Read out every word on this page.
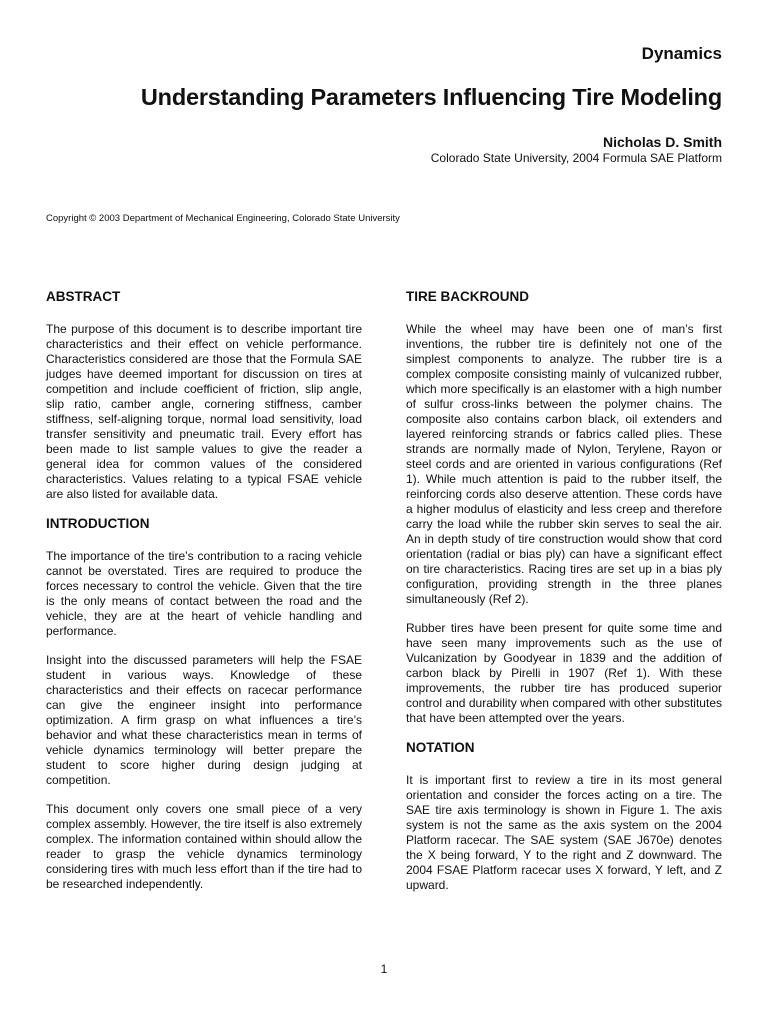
Dynamics
Understanding Parameters Influencing Tire Modeling
Nicholas D. Smith
Colorado State University, 2004 Formula SAE Platform
Copyright © 2003 Department of Mechanical Engineering, Colorado State University
ABSTRACT

The purpose of this document is to describe important tire characteristics and their effect on vehicle performance. Characteristics considered are those that the Formula SAE judges have deemed important for discussion on tires at competition and include coefficient of friction, slip angle, slip ratio, camber angle, cornering stiffness, camber stiffness, self-aligning torque, normal load sensitivity, load transfer sensitivity and pneumatic trail. Every effort has been made to list sample values to give the reader a general idea for common values of the considered characteristics. Values relating to a typical FSAE vehicle are also listed for available data.

INTRODUCTION

The importance of the tire’s contribution to a racing vehicle cannot be overstated. Tires are required to produce the forces necessary to control the vehicle. Given that the tire is the only means of contact between the road and the vehicle, they are at the heart of vehicle handling and performance.

Insight into the discussed parameters will help the FSAE student in various ways. Knowledge of these characteristics and their effects on racecar performance can give the engineer insight into performance optimization. A firm grasp on what influences a tire’s behavior and what these characteristics mean in terms of vehicle dynamics terminology will better prepare the student to score higher during design judging at competition.

This document only covers one small piece of a very complex assembly. However, the tire itself is also extremely complex. The information contained within should allow the reader to grasp the vehicle dynamics terminology considering tires with much less effort than if the tire had to be researched independently.

TIRE BACKROUND

While the wheel may have been one of man’s first inventions, the rubber tire is definitely not one of the simplest components to analyze. The rubber tire is a complex composite consisting mainly of vulcanized rubber, which more specifically is an elastomer with a high number of sulfur cross-links between the polymer chains. The composite also contains carbon black, oil extenders and layered reinforcing strands or fabrics called plies. These strands are normally made of Nylon, Terylene, Rayon or steel cords and are oriented in various configurations (Ref 1). While much attention is paid to the rubber itself, the reinforcing cords also deserve attention. These cords have a higher modulus of elasticity and less creep and therefore carry the load while the rubber skin serves to seal the air. An in depth study of tire construction would show that cord orientation (radial or bias ply) can have a significant effect on tire characteristics. Racing tires are set up in a bias ply configuration, providing strength in the three planes simultaneously (Ref 2).

Rubber tires have been present for quite some time and have seen many improvements such as the use of Vulcanization by Goodyear in 1839 and the addition of carbon black by Pirelli in 1907 (Ref 1). With these improvements, the rubber tire has produced superior control and durability when compared with other substitutes that have been attempted over the years.

NOTATION

It is important first to review a tire in its most general orientation and consider the forces acting on a tire. The SAE tire axis terminology is shown in Figure 1. The axis system is not the same as the axis system on the 2004 Platform racecar. The SAE system (SAE J670e) denotes the X being forward, Y to the right and Z downward. The 2004 FSAE Platform racecar uses X forward, Y left, and Z upward.

1
